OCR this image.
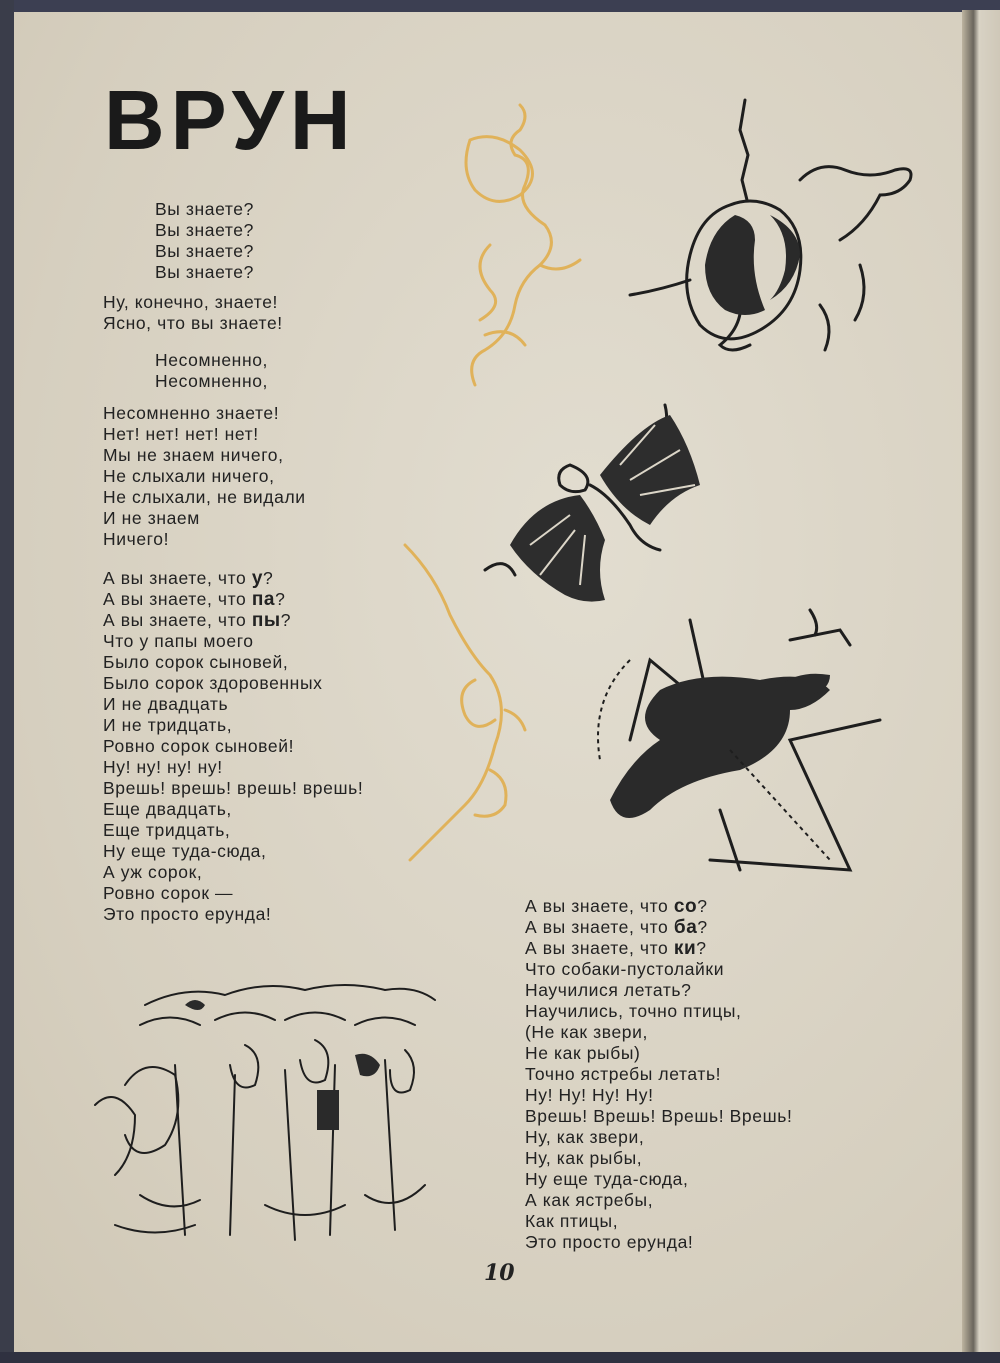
ВРУН
Вы знаете?
Вы знаете?
Вы знаете?
Вы знаете?
Ну, конечно, знаете!
Ясно, что вы знаете!
Несомненно,
Несомненно,
Несомненно знаете!
Нет! нет! нет! нет!
Мы не знаем ничего,
Не слыхали ничего,
Не слыхали, не видали
И не знаем
Ничего!
А вы знаете, что у?
А вы знаете, что па?
А вы знаете, что пы?
Что у папы моего
Было сорок сыновей,
Было сорок здоровенных
И не двадцать
И не тридцать,
Ровно сорок сыновей!
Ну! ну! ну! ну!
Врешь! врешь! врешь! врешь!
Еще двадцать,
Еще тридцать,
Ну еще туда-сюда,
А уж сорок,
Ровно сорок —
Это просто ерунда!	А вы знаете, что со?
А вы знаете, что ба?
А вы знаете, что ки?
Что собаки-пустолайки
Научилися летать?
Научились, точно птицы,
(Не как звери,
Не как рыбы)
Точно ястребы летать!
Ну! Ну! Ну! Ну!
Врешь! Врешь! Врешь! Врешь!
Ну, как звери,
Ну, как рыбы,
Ну еще туда-сюда,
А как ястребы,
Как птицы,
Это просто ерунда!
10
